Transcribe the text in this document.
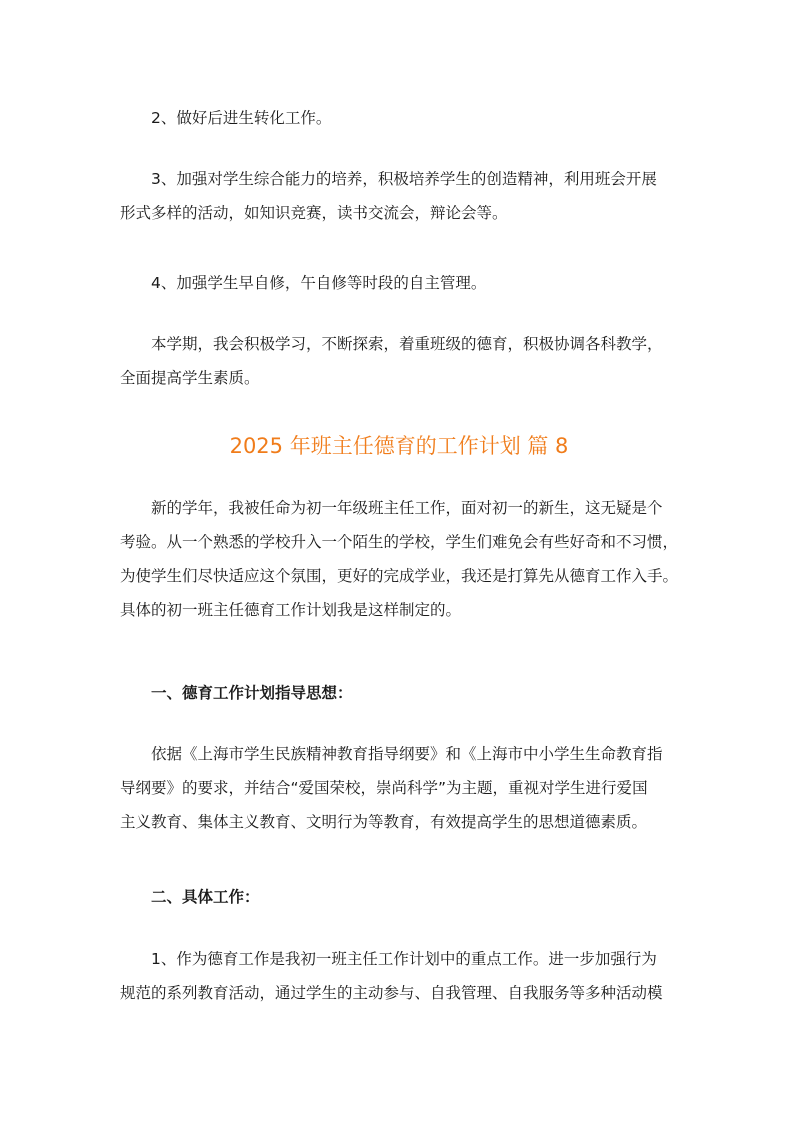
2、做好后进生转化工作。
3、加强对学生综合能力的培养，积极培养学生的创造精神，利用班会开展
形式多样的活动，如知识竞赛，读书交流会，辩论会等。
4、加强学生早自修，午自修等时段的自主管理。
本学期，我会积极学习，不断探索，着重班级的德育，积极协调各科教学，
全面提高学生素质。
2025 年班主任德育的工作计划 篇 8
新的学年，我被任命为初一年级班主任工作，面对初一的新生，这无疑是个
考验。从一个熟悉的学校升入一个陌生的学校，学生们难免会有些好奇和不习惯，
为使学生们尽快适应这个氛围，更好的完成学业，我还是打算先从德育工作入手。
具体的初一班主任德育工作计划我是这样制定的。
一、德育工作计划指导思想：
依据《上海市学生民族精神教育指导纲要》和《上海市中小学生生命教育指
导纲要》的要求，并结合“爱国荣校，崇尚科学”为主题，重视对学生进行爱国
主义教育、集体主义教育、文明行为等教育，有效提高学生的思想道德素质。
二、具体工作：
1、作为德育工作是我初一班主任工作计划中的重点工作。进一步加强行为
规范的系列教育活动，通过学生的主动参与、自我管理、自我服务等多种活动模
